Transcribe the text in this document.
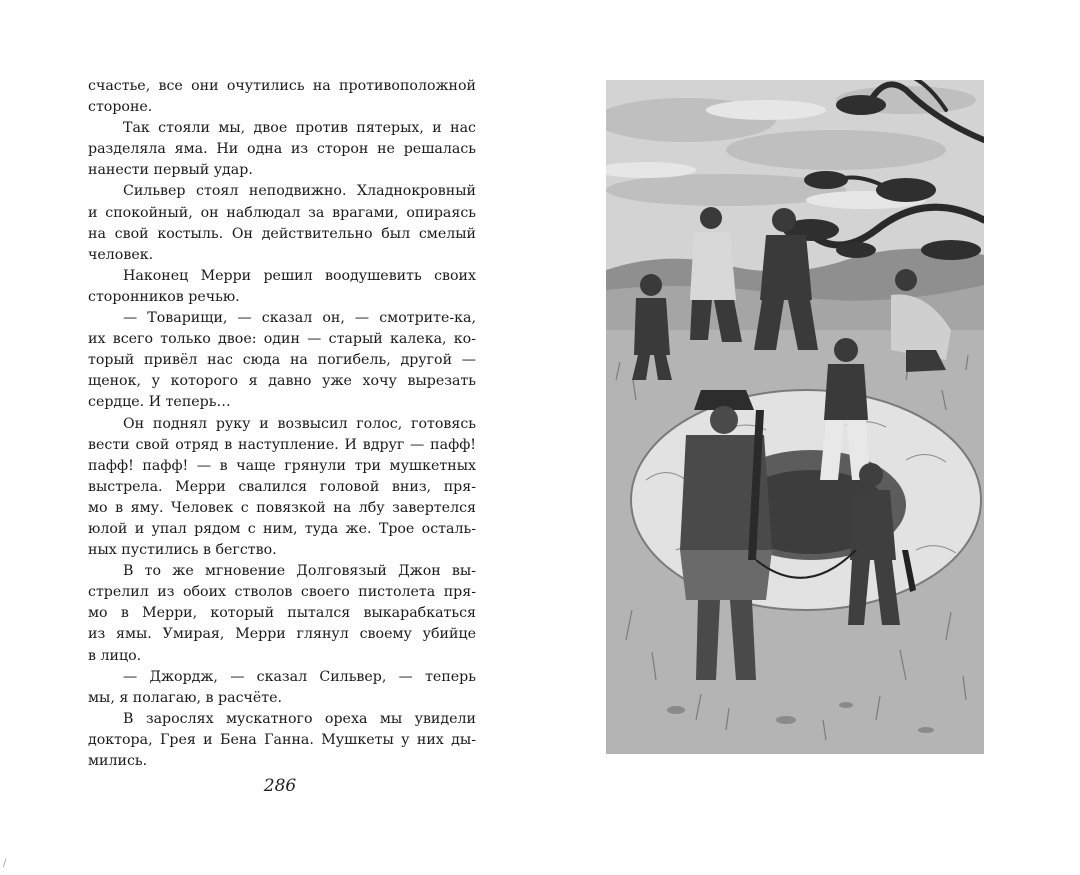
счастье, все они очутились на противоположной
стороне.
Так стояли мы, двое против пятерых, и нас
разделяла яма. Ни одна из сторон не решалась
нанести первый удар.
Сильвер стоял неподвижно. Хладнокровный
и спокойный, он наблюдал за врагами, опираясь
на свой костыль. Он действительно был смелый
человек.
Наконец Мерри решил воодушевить своих
сторонников речью.
— Товарищи, — сказал он, — смотрите-ка,
их всего только двое: один — старый калека, ко-
торый привёл нас сюда на погибель, другой —
щенок, у которого я давно уже хочу вырезать
сердце. И теперь…
Он поднял руку и возвысил голос, готовясь
вести свой отряд в наступление. И вдруг — пафф!
пафф! пафф! — в чаще грянули три мушкетных
выстрела. Мерри свалился головой вниз, пря-
мо в яму. Человек с повязкой на лбу завертелся
юлой и упал рядом с ним, туда же. Трое осталь-
ных пустились в бегство.
В то же мгновение Долговязый Джон вы-
стрелил из обоих стволов своего пистолета пря-
мо в Мерри, который пытался выкарабкаться
из ямы. Умирая, Мерри глянул своему убийце
в лицо.
— Джордж, — сказал Сильвер, — теперь
мы, я полагаю, в расчёте.
В зарослях мускатного ореха мы увидели
доктора, Грея и Бена Ганна. Мушкеты у них ды-
мились.
286
/
